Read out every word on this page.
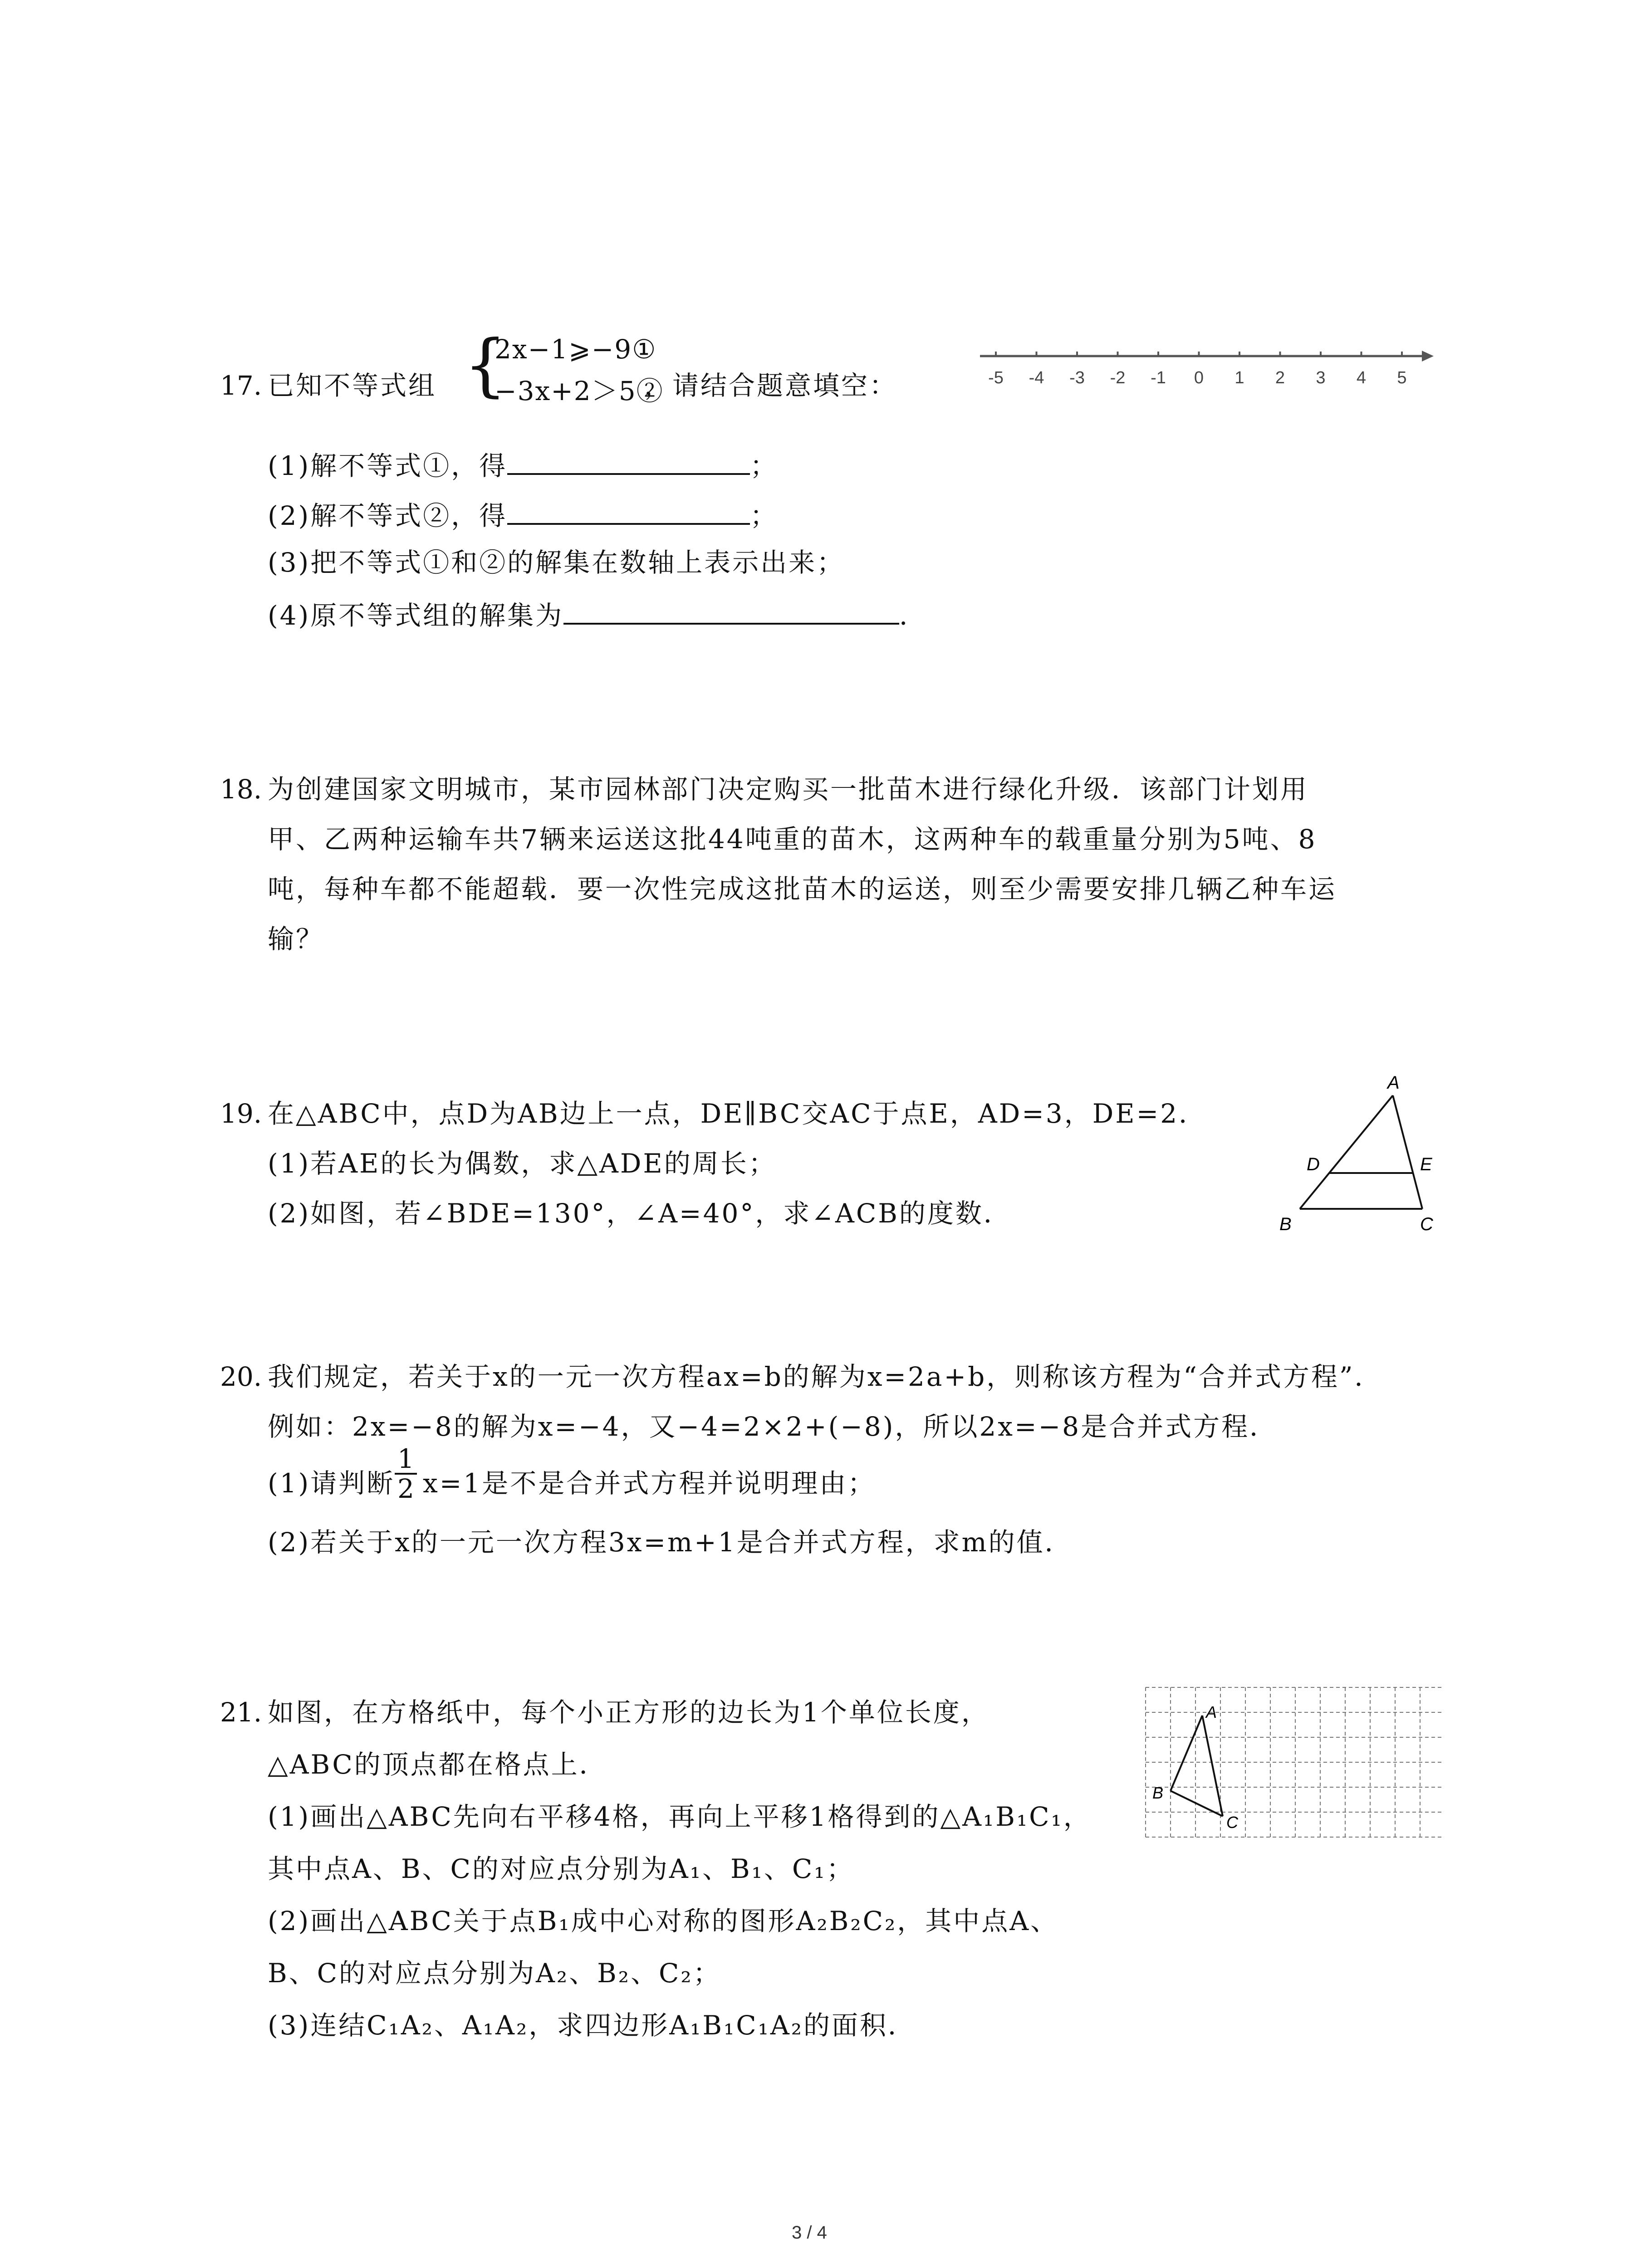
17. 已知不等式组 {
2x−1⩾−9①
−3x+2＞5②
，请结合题意填空：	-5 -4 -3 -2 -1 0 1 2 3 4 5
(1)解不等式①，得	；
(2)解不等式②，得	；
(3)把不等式①和②的解集在数轴上表示出来；
(4)原不等式组的解集为	．
18. 为创建国家文明城市，某市园林部门决定购买一批苗木进行绿化升级．该部门计划用
甲、乙两种运输车共7辆来运送这批44吨重的苗木，这两种车的载重量分别为5吨、8
吨，每种车都不能超载．要一次性完成这批苗木的运送，则至少需要安排几辆乙种车运
输？
19. 在△ABC中，点D为AB边上一点，DE∥BC交AC于点E，AD=3，DE=2．
(1)若AE的长为偶数，求△ADE的周长；
(2)如图，若∠BDE=130°，∠A=40°，求∠ACB的度数．
A
B	C
D	E
20. 我们规定，若关于x的一元一次方程ax=b的解为x=2a+b，则称该方程为“合并式方程”．
例如：2x=−8的解为x=−4，又−4=2×2+(−8)，所以2x=−8是合并式方程．
(1)请判断 $\frac{1}{2} x=1$是不是合并式方程并说明理由；
(2)若关于x的一元一次方程3x=m+1是合并式方程，求m的值．
21. 如图，在方格纸中，每个小正方形的边长为1个单位长度，
△ABC的顶点都在格点上．
(1)画出△ABC先向右平移4格，再向上平移1格得到的△A₁B₁C₁，
其中点A、B、C的对应点分别为A₁、B₁、C₁；
(2)画出△ABC关于点B₁成中心对称的图形A₂B₂C₂，其中点A、
B、C的对应点分别为A₂、B₂、C₂；
(3)连结C₁A₂、A₁A₂，求四边形A₁B₁C₁A₂的面积．
A
B
C
3 / 4
